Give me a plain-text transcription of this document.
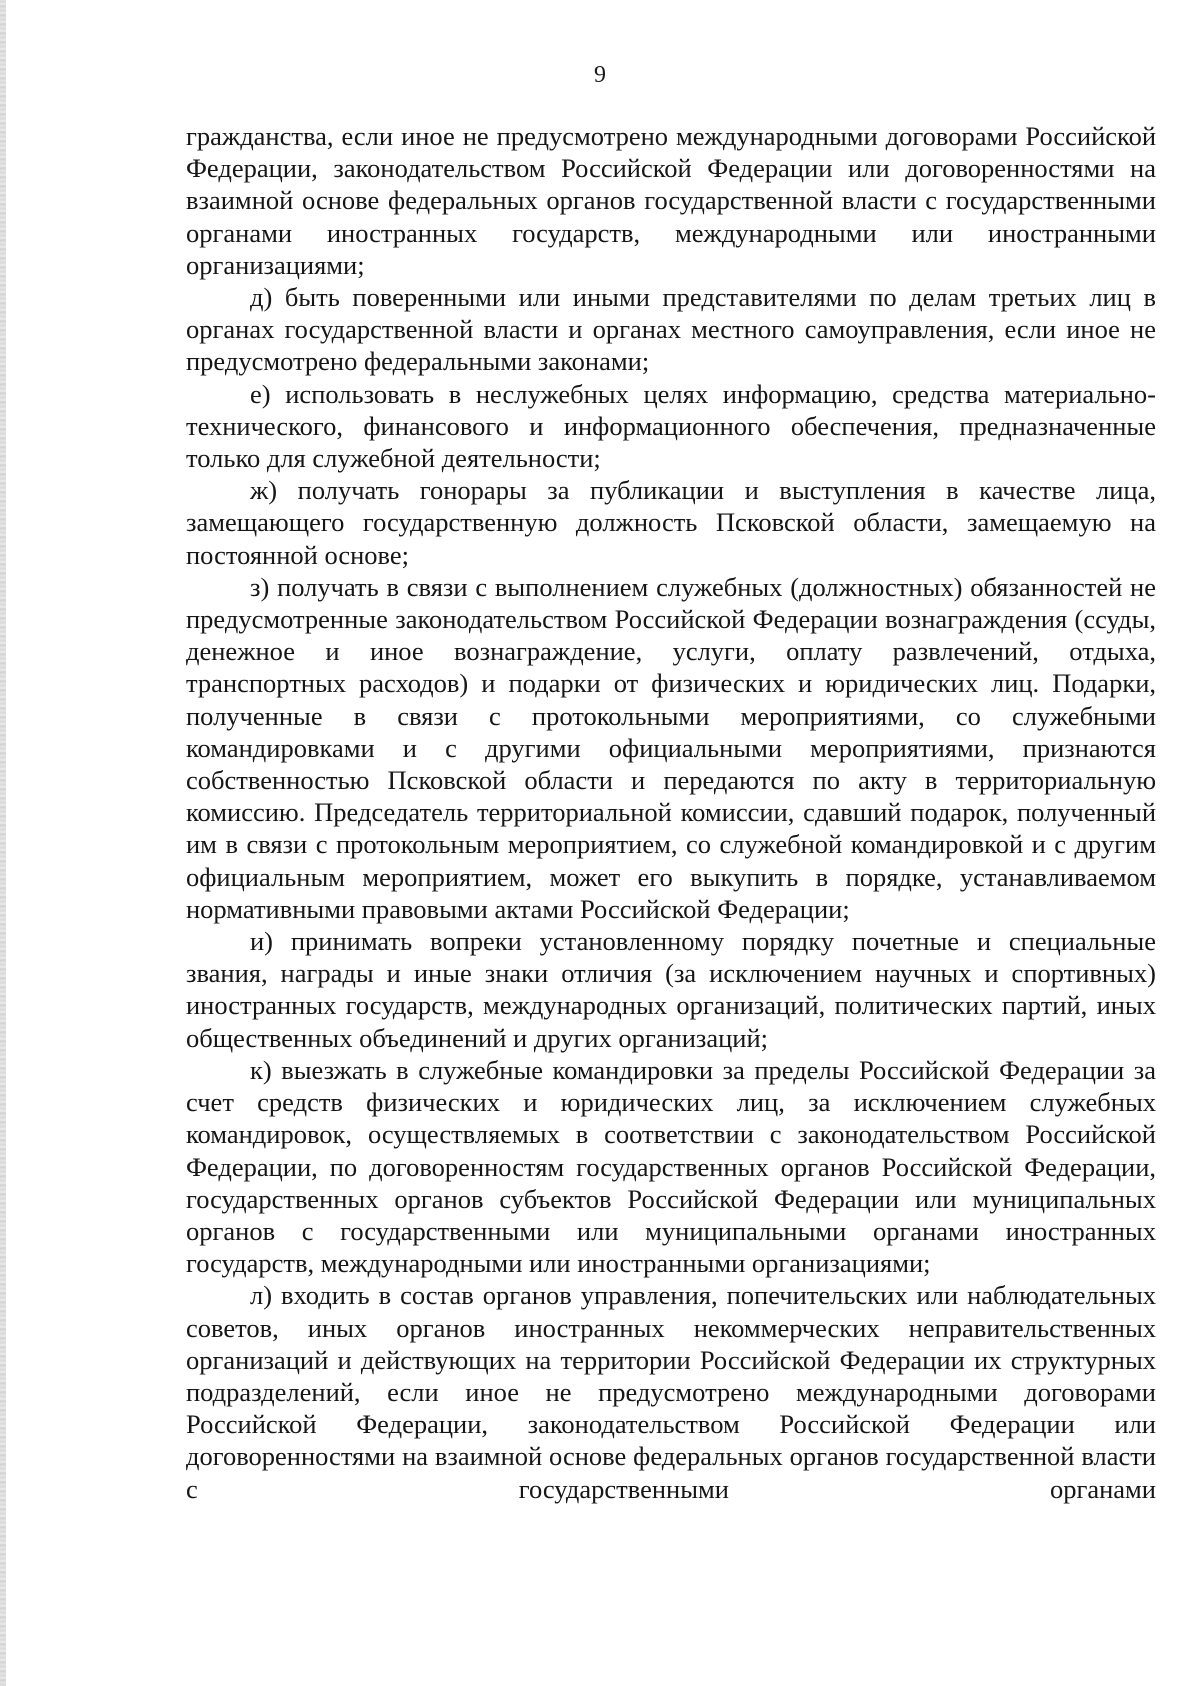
9

гражданства, если иное не предусмотрено международными договорами Российской Федерации, законодательством Российской Федерации или договоренностями на взаимной основе федеральных органов государственной власти с государственными органами иностранных государств, международными или иностранными организациями;

д) быть поверенными или иными представителями по делам третьих лиц в органах государственной власти и органах местного самоуправления, если иное не предусмотрено федеральными законами;

е) использовать в неслужебных целях информацию, средства материально-технического, финансового и информационного обеспечения, предназначенные только для служебной деятельности;

ж) получать гонорары за публикации и выступления в качестве лица, замещающего государственную должность Псковской области, замещаемую на постоянной основе;

з) получать в связи с выполнением служебных (должностных) обязанностей не предусмотренные законодательством Российской Федерации вознаграждения (ссуды, денежное и иное вознаграждение, услуги, оплату развлечений, отдыха, транспортных расходов) и подарки от физических и юридических лиц. Подарки, полученные в связи с протокольными мероприятиями, со служебными командировками и с другими официальными мероприятиями, признаются собственностью Псковской области и передаются по акту в территориальную комиссию. Председатель территориальной комиссии, сдавший подарок, полученный им в связи с протокольным мероприятием, со служебной командировкой и с другим официальным мероприятием, может его выкупить в порядке, устанавливаемом нормативными правовыми актами Российской Федерации;

и) принимать вопреки установленному порядку почетные и специальные звания, награды и иные знаки отличия (за исключением научных и спортивных) иностранных государств, международных организаций, политических партий, иных общественных объединений и других организаций;

к) выезжать в служебные командировки за пределы Российской Федерации за счет средств физических и юридических лиц, за исключением служебных командировок, осуществляемых в соответствии с законодательством Российской Федерации, по договоренностям государственных органов Российской Федерации, государственных органов субъектов Российской Федерации или муниципальных органов с государственными или муниципальными органами иностранных государств, международными или иностранными организациями;

л) входить в состав органов управления, попечительских или наблюдательных советов, иных органов иностранных некоммерческих неправительственных организаций и действующих на территории Российской Федерации их структурных подразделений, если иное не предусмотрено международными договорами Российской Федерации, законодательством Российской Федерации или договоренностями на взаимной основе федеральных органов государственной власти с государственными органами
